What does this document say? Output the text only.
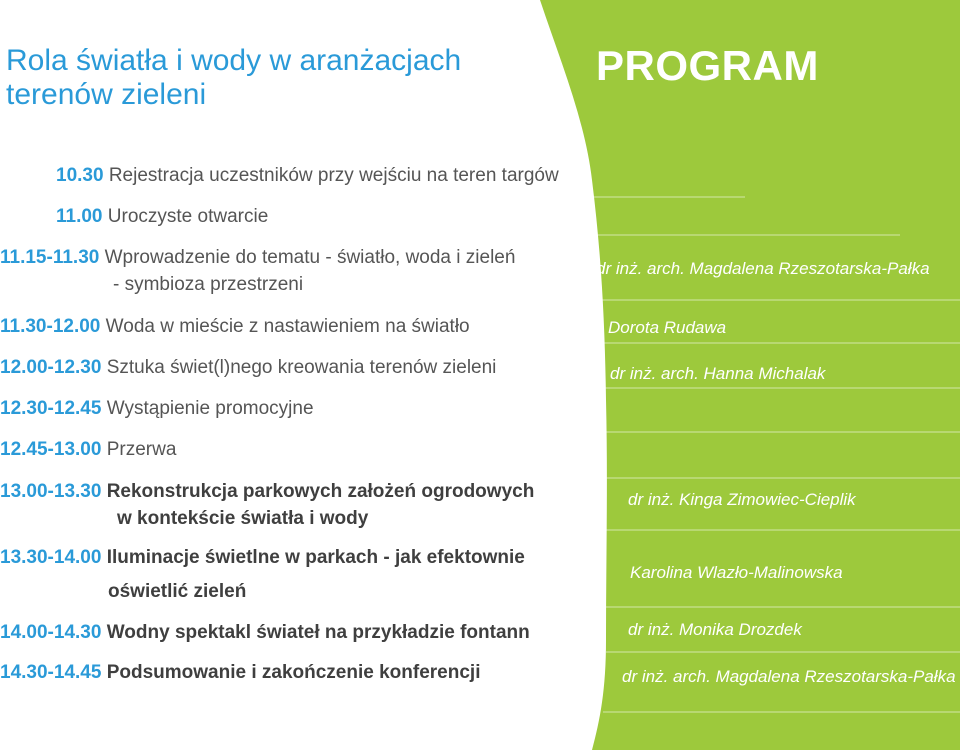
Rola światła i wody w aranżacjach
terenów zieleni
PROGRAM
10.30 Rejestracja uczestników przy wejściu na teren targów
11.00 Uroczyste otwarcie
11.15-11.30 Wprowadzenie do tematu - światło, woda i zieleń
- symbioza przestrzeni
11.30-12.00 Woda w mieście z nastawieniem na światło
12.00-12.30 Sztuka świet(l)nego kreowania terenów zieleni
12.30-12.45 Wystąpienie promocyjne
12.45-13.00 Przerwa
13.00-13.30 Rekonstrukcja parkowych założeń ogrodowych
w kontekście światła i wody
13.30-14.00 Iluminacje świetlne w parkach - jak efektownie
oświetlić zieleń
14.00-14.30 Wodny spektakl świateł na przykładzie fontann
14.30-14.45 Podsumowanie i zakończenie konferencji
dr inż. arch. Magdalena Rzeszotarska-Pałka
Dorota Rudawa
dr inż. arch. Hanna Michalak
dr inż. Kinga Zimowiec-Cieplik
Karolina Wlazło-Malinowska
dr inż. Monika Drozdek
dr inż. arch. Magdalena Rzeszotarska-Pałka
